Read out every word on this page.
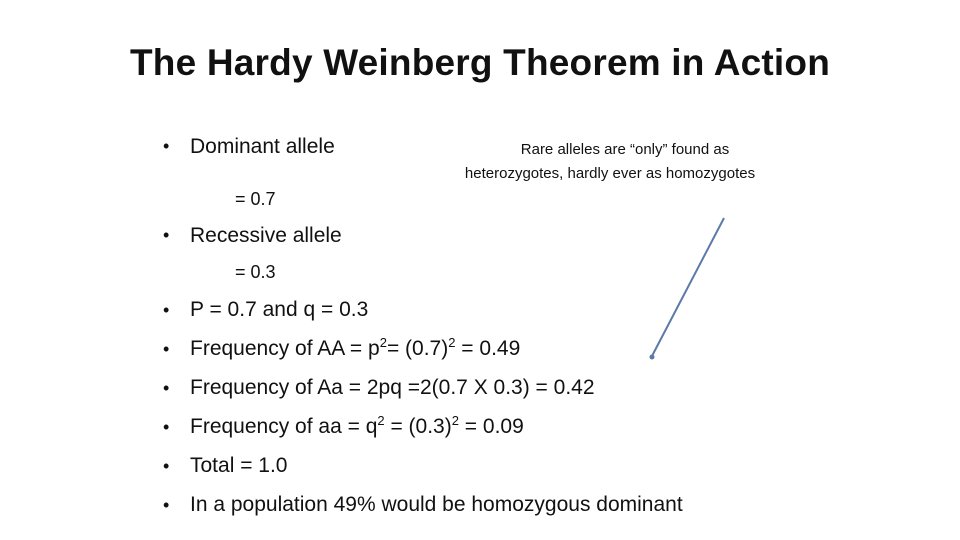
The Hardy Weinberg Theorem in Action
• Dominant allele
= 0.7
Rare alleles are “only” found as
heterozygotes, hardly ever as homozygotes
• Recessive allele
= 0.3
• P = 0.7 and q = 0.3
• Frequency of AA = $p^2= (0.7)^2 = 0.49$
• Frequency of Aa = 2pq =2(0.7 X 0.3) = 0.42
• Frequency of aa = $q^2 = (0.3)^2 = 0.09$
• Total = 1.0
• In a population 49% would be homozygous dominant
